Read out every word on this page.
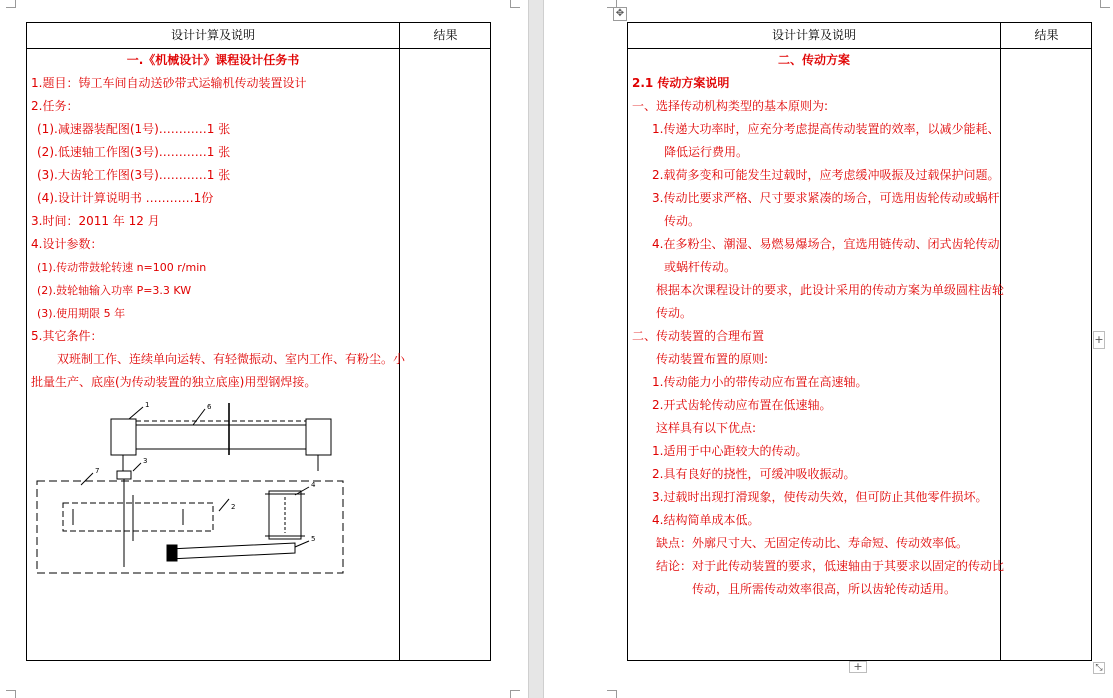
设计计算及说明	结果
一.《机械设计》课程设计任务书
1.题目：铸工车间自动送砂带式运输机传动装置设计
2.任务：
(1).减速器装配图(1号)…………1 张
(2).低速轴工作图(3号)…………1 张
(3).大齿轮工作图(3号)…………1 张
(4).设计计算说明书 …………1份
3.时间：2011 年 12 月
4.设计参数：
(1).传动带鼓轮转速 n=100 r/min
(2).鼓轮轴输入功率 P=3.3 KW
(3).使用期限 5 年
5.其它条件：
双班制工作、连续单向运转、有轻微振动、室内工作、有粉尘。小
批量生产、底座(为传动装置的独立底座)用型钢焊接。
1
2
3
4
5
6
7
设计计算及说明	结果
二、传动方案
2.1 传动方案说明
一、选择传动机构类型的基本原则为:
1.传递大功率时，应充分考虑提高传动装置的效率，以减少能耗、
降低运行费用。
2.载荷多变和可能发生过载时，应考虑缓冲吸振及过载保护问题。
3.传动比要求严格、尺寸要求紧凑的场合，可选用齿轮传动或蜗杆
传动。
4.在多粉尘、潮湿、易燃易爆场合，宜选用链传动、闭式齿轮传动
或蜗杆传动。
根据本次课程设计的要求，此设计采用的传动方案为单级圆柱齿轮
传动。
二、传动装置的合理布置
传动装置布置的原则:
1.传动能力小的带传动应布置在高速轴。
2.开式齿轮传动应布置在低速轴。
这样具有以下优点:
1.适用于中心距较大的传动。
2.具有良好的挠性，可缓冲吸收振动。
3.过载时出现打滑现象，使传动失效，但可防止其他零件损坏。
4.结构简单成本低。
缺点：外廓尺寸大、无固定传动比、寿命短、传动效率低。
结论：对于此传动装置的要求，低速轴由于其要求以固定的传动比
传动，且所需传动效率很高，所以齿轮传动适用。
✥
+
+
⤡
